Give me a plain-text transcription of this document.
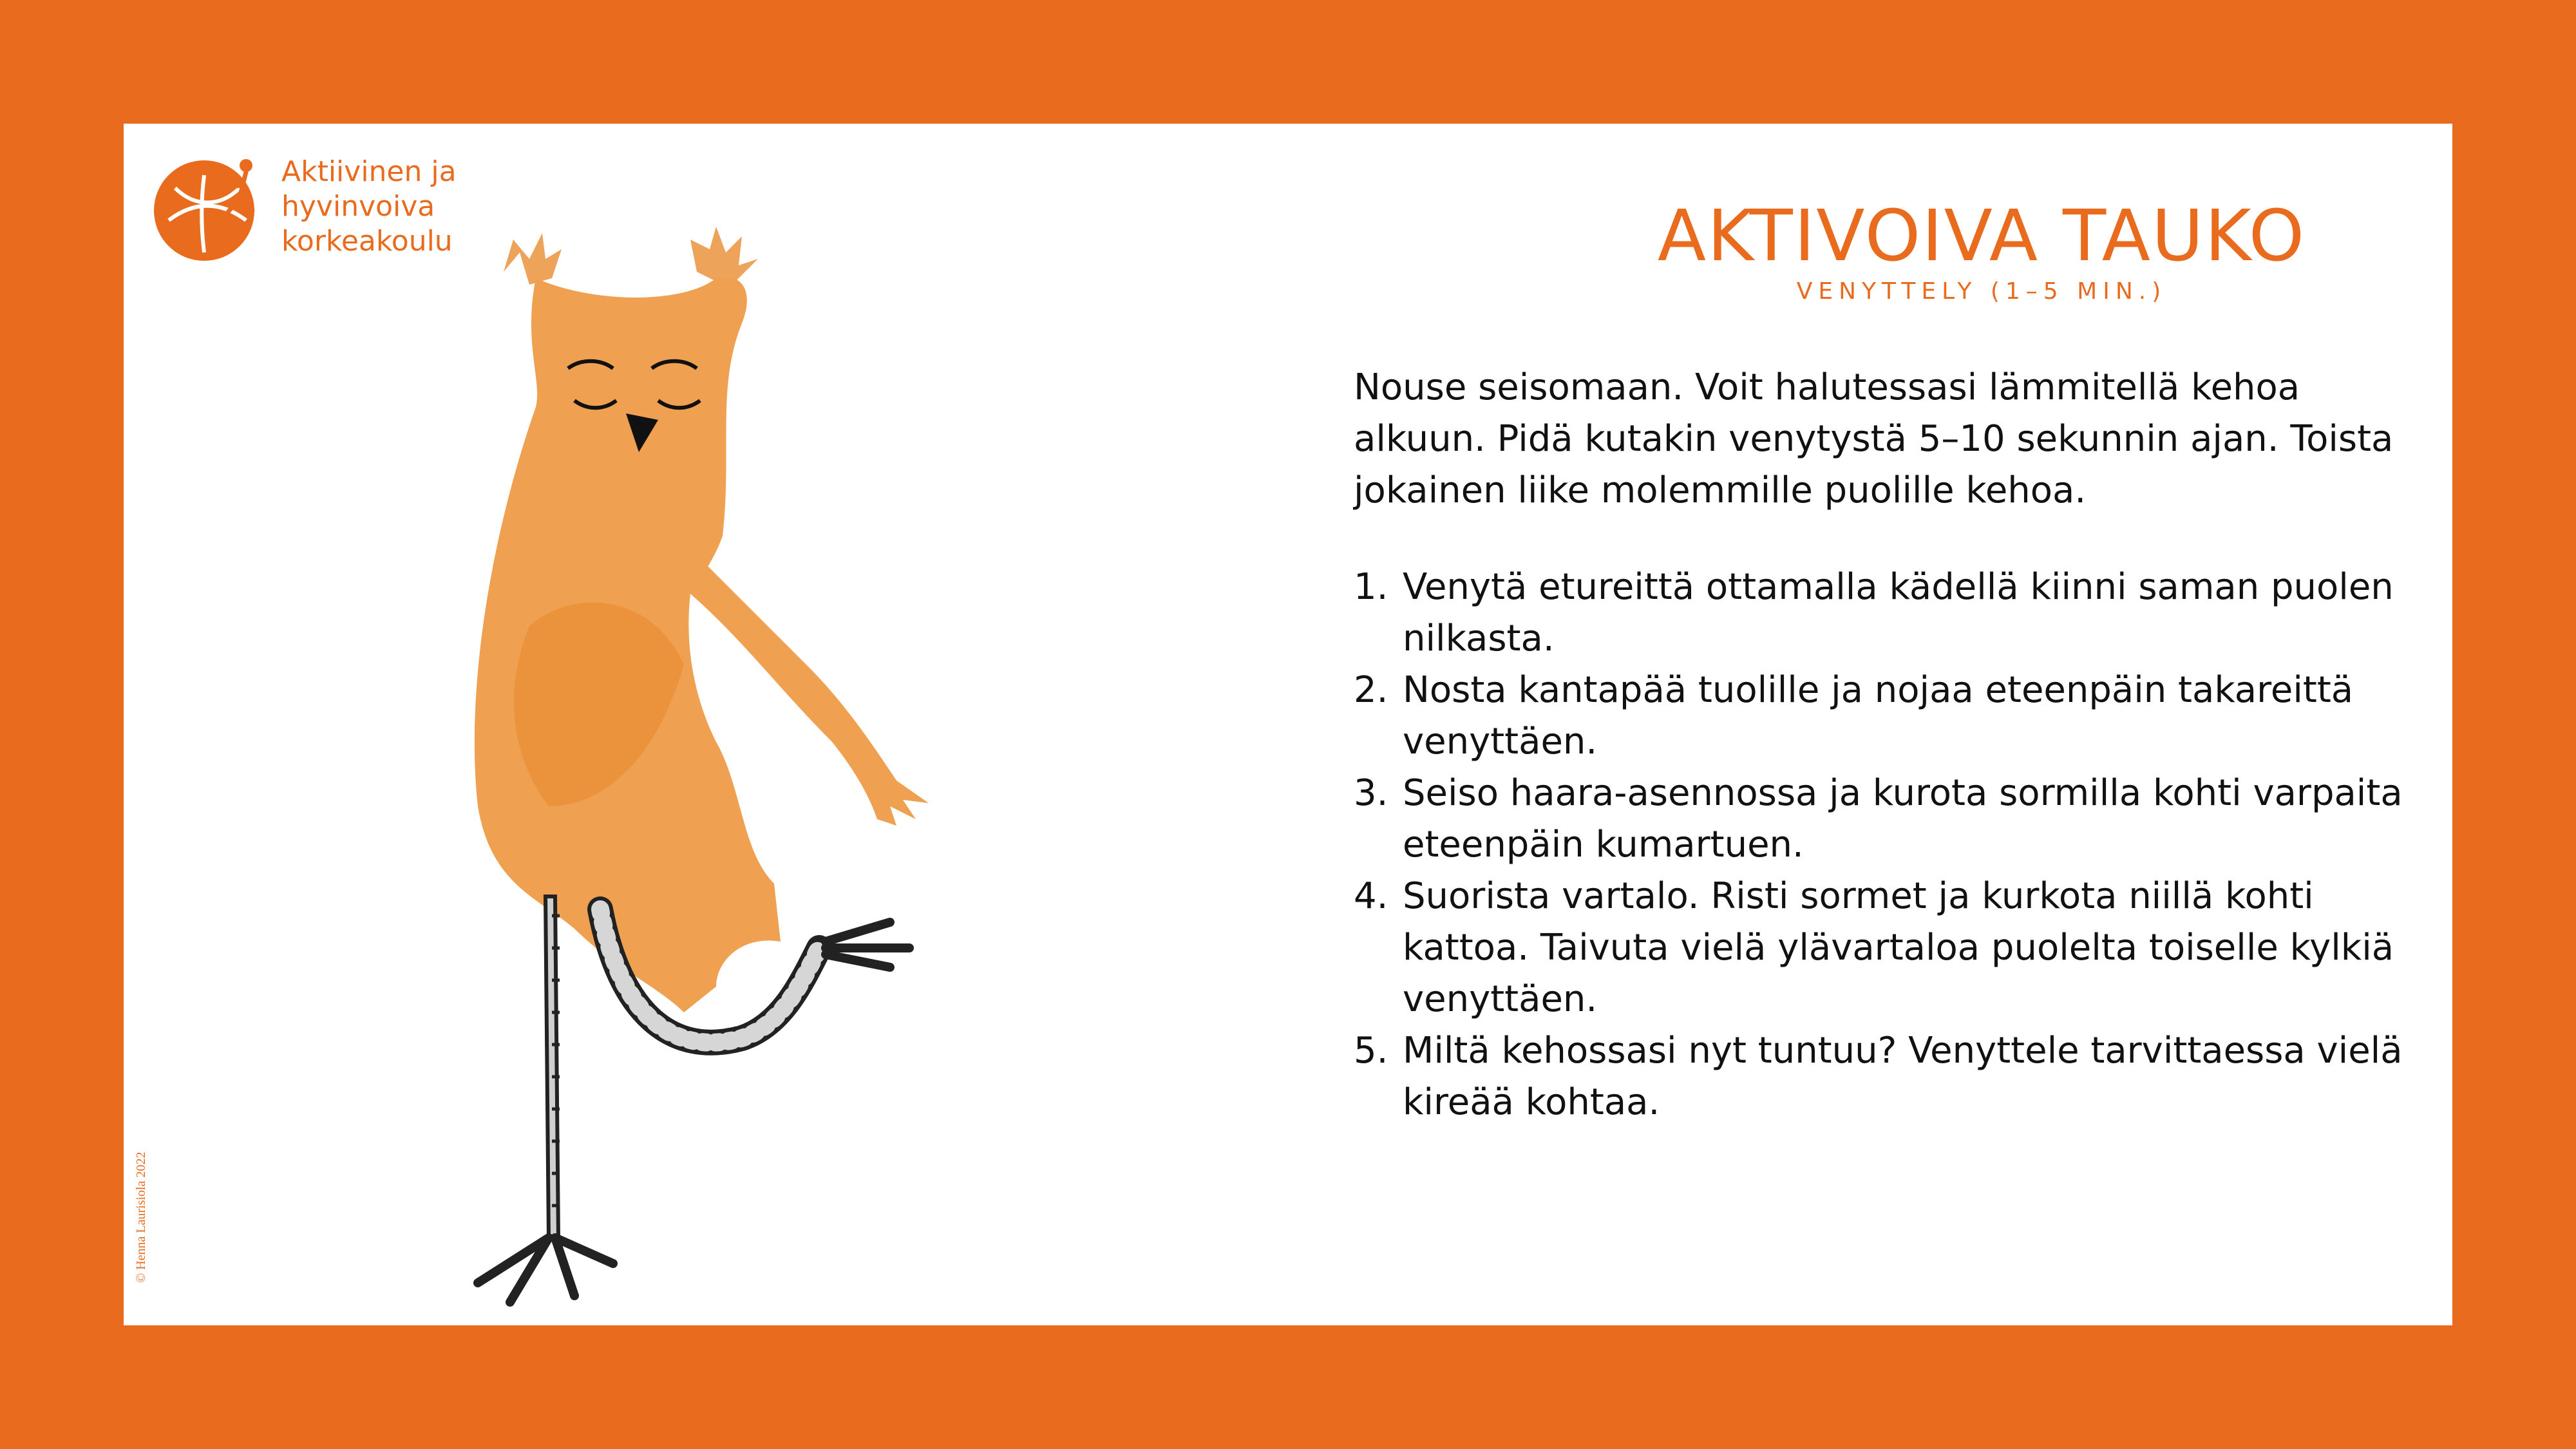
Aktiivinen ja
hyvinvoiva
korkeakoulu
© Henna Laurisiola 2022
AKTIVOIVA TAUKO
VENYTTELY (1–5 MIN.)
Nouse seisomaan. Voit halutessasi lämmitellä kehoa alkuun. Pidä kutakin venytystä 5–10 sekunnin ajan. Toista jokainen liike molemmille puolille kehoa.
1. Venytä etureittä ottamalla kädellä kiinni saman puolen nilkasta.
2. Nosta kantapää tuolille ja nojaa eteenpäin takareittä venyttäen.
3. Seiso haara-asennossa ja kurota sormilla kohti varpaita eteenpäin kumartuen.
4. Suorista vartalo. Risti sormet ja kurkota niillä kohti kattoa. Taivuta vielä ylävartaloa puolelta toiselle kylkiä venyttäen.
5. Miltä kehossasi nyt tuntuu? Venyttele tarvittaessa vielä kireää kohtaa.
